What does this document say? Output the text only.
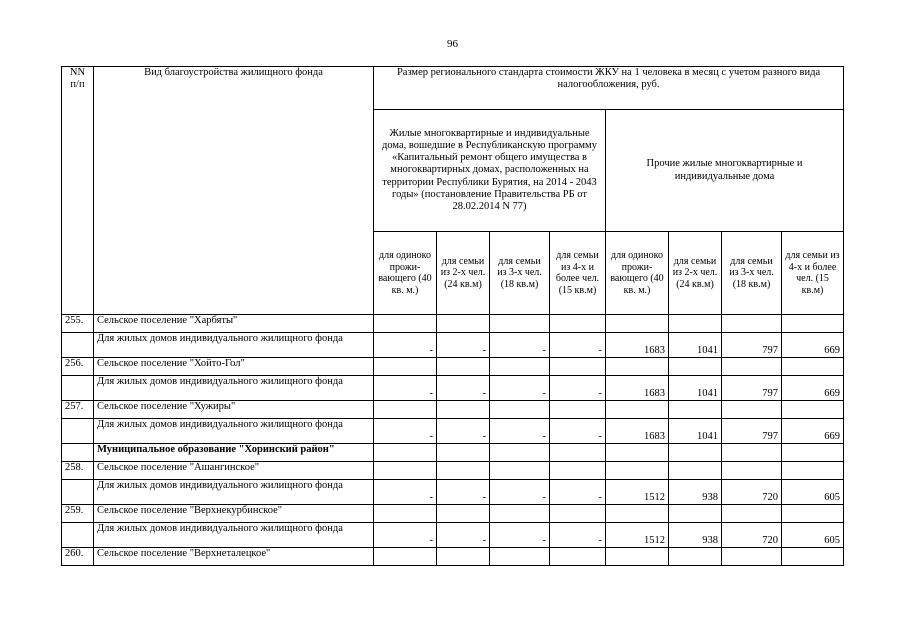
96
NN п/п	Вид благоустройства жилищного фонда	Размер регионального стандарта стоимости ЖКУ на 1 человека в месяц с учетом разного вида налогообложения, руб.							
		Жилые многоквартирные и индивидуальные дома, вошедшие в Республиканскую программу «Капитальный ремонт общего имущества в многоквартирных домах, расположенных на территории Республики Бурятия, на 2014 - 2043 годы» (постановление Правительства РБ от 28.02.2014 N 77)				Прочие жилые многоквартирные и индивидуальные дома			
		для одиноко прожи-вающего (40 кв. м.)	для семьи из 2-х чел. (24 кв.м)	для семьи из 3-х чел. (18 кв.м)	для семьи из 4-х и более чел. (15 кв.м)	для одиноко прожи-вающего (40 кв. м.)	для семьи из 2-х чел. (24 кв.м)	для семьи из 3-х чел. (18 кв.м)	для семьи из 4-х и более чел. (15 кв.м)
255.	Сельское поселение "Харбяты"								
	Для жилых домов индивидуального жилищного фонда	-	-	-	-	1683	1041	797	669
256.	Сельское поселение "Хойто-Гол"								
	Для жилых домов индивидуального жилищного фонда	-	-	-	-	1683	1041	797	669
257.	Сельское поселение "Хужиры"								
	Для жилых домов индивидуального жилищного фонда	-	-	-	-	1683	1041	797	669
	Муниципальное образование "Хоринский район"								
258.	Сельское поселение "Ашангинское"								
	Для жилых домов индивидуального жилищного фонда	-	-	-	-	1512	938	720	605
259.	Сельское поселение "Верхнекурбинское"								
	Для жилых домов индивидуального жилищного фонда	-	-	-	-	1512	938	720	605
260.	Сельское поселение "Верхнеталецкое"								
